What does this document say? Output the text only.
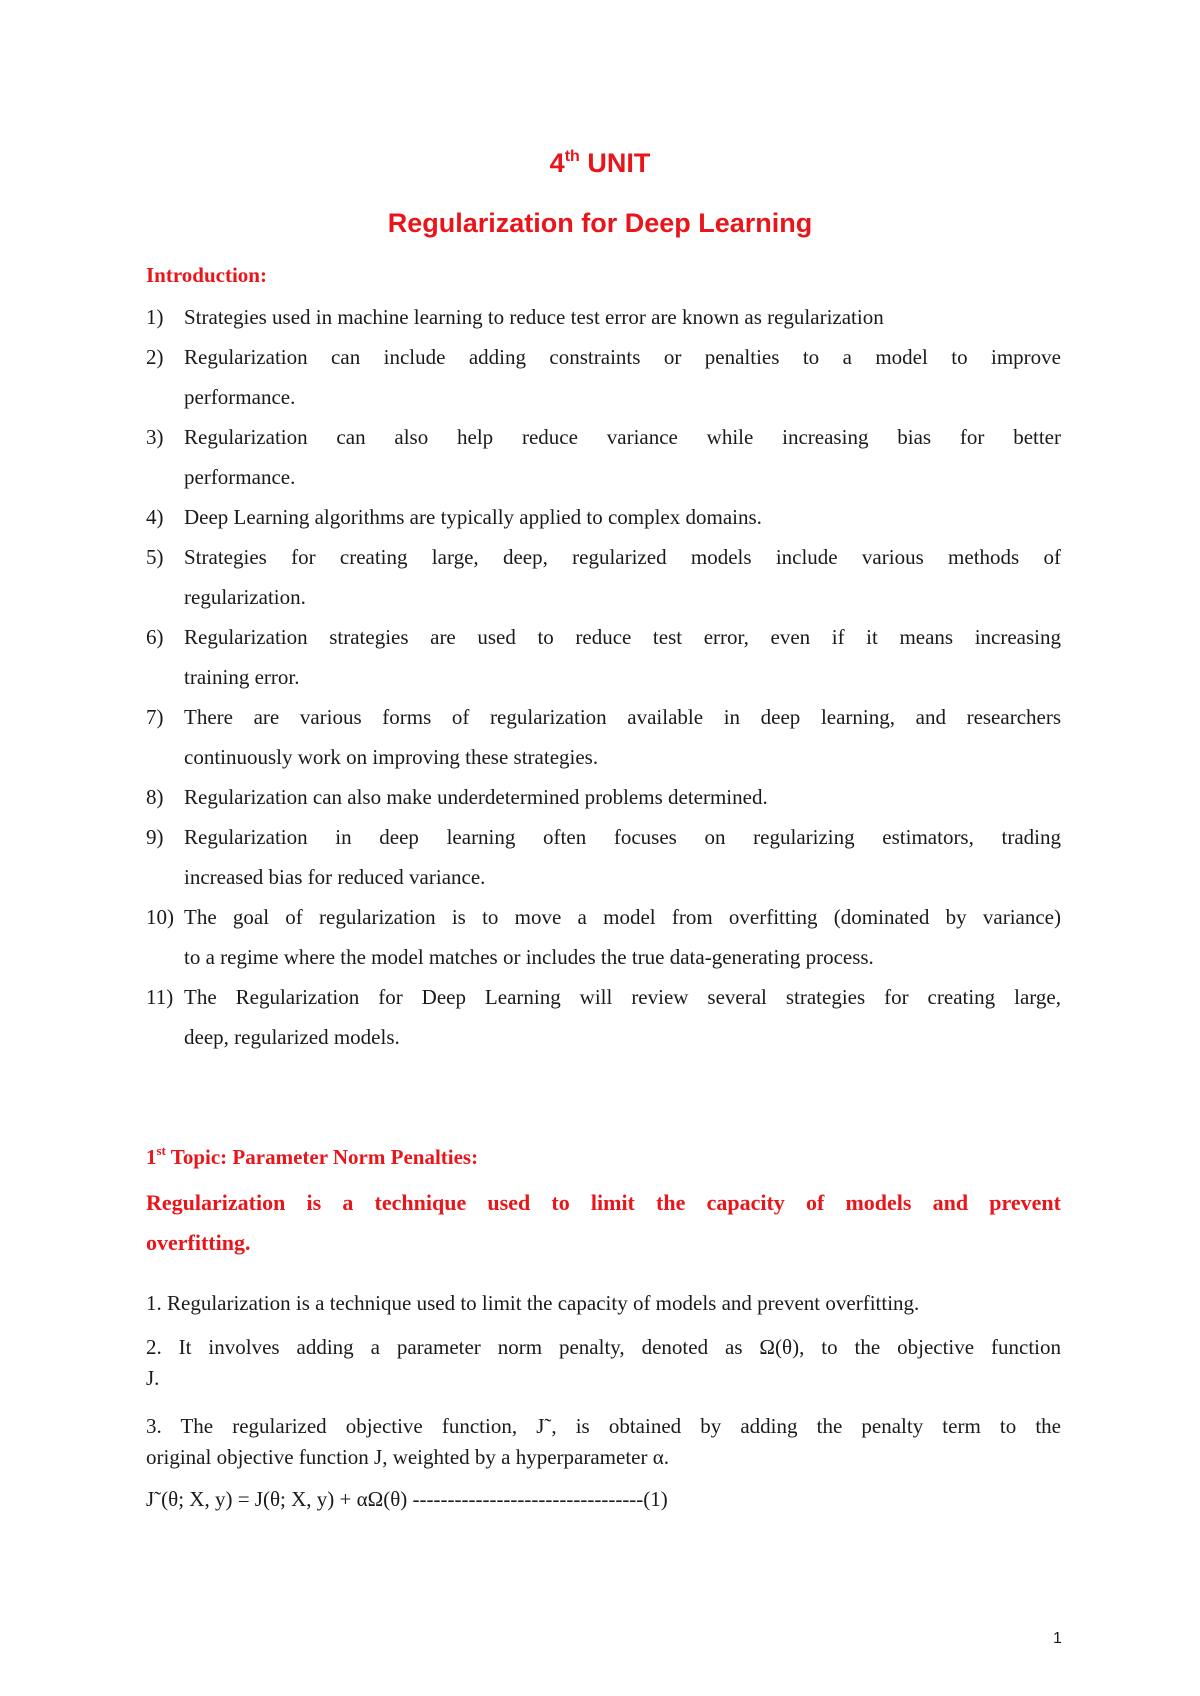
4th UNIT
Regularization for Deep Learning
Introduction:
1) Strategies used in machine learning to reduce test error are known as regularization
2) Regularization can include adding constraints or penalties to a model to improve
performance.
3) Regularization can also help reduce variance while increasing bias for better
performance.
4) Deep Learning algorithms are typically applied to complex domains.
5) Strategies for creating large, deep, regularized models include various methods of
regularization.
6) Regularization strategies are used to reduce test error, even if it means increasing
training error.
7) There are various forms of regularization available in deep learning, and researchers
continuously work on improving these strategies.
8) Regularization can also make underdetermined problems determined.
9) Regularization in deep learning often focuses on regularizing estimators, trading
increased bias for reduced variance.
10) The goal of regularization is to move a model from overfitting (dominated by variance)
to a regime where the model matches or includes the true data-generating process.
11) The Regularization for Deep Learning will review several strategies for creating large,
deep, regularized models.
1st Topic: Parameter Norm Penalties:
Regularization is a technique used to limit the capacity of models and prevent
overfitting.
1. Regularization is a technique used to limit the capacity of models and prevent overfitting.
2. It involves adding a parameter norm penalty, denoted as Ω(θ), to the objective function
J.
3. The regularized objective function, J˜, is obtained by adding the penalty term to the
original objective function J, weighted by a hyperparameter α.
J˜(θ; X, y) = J(θ; X, y) + αΩ(θ) ---------------------------------(1)
1
